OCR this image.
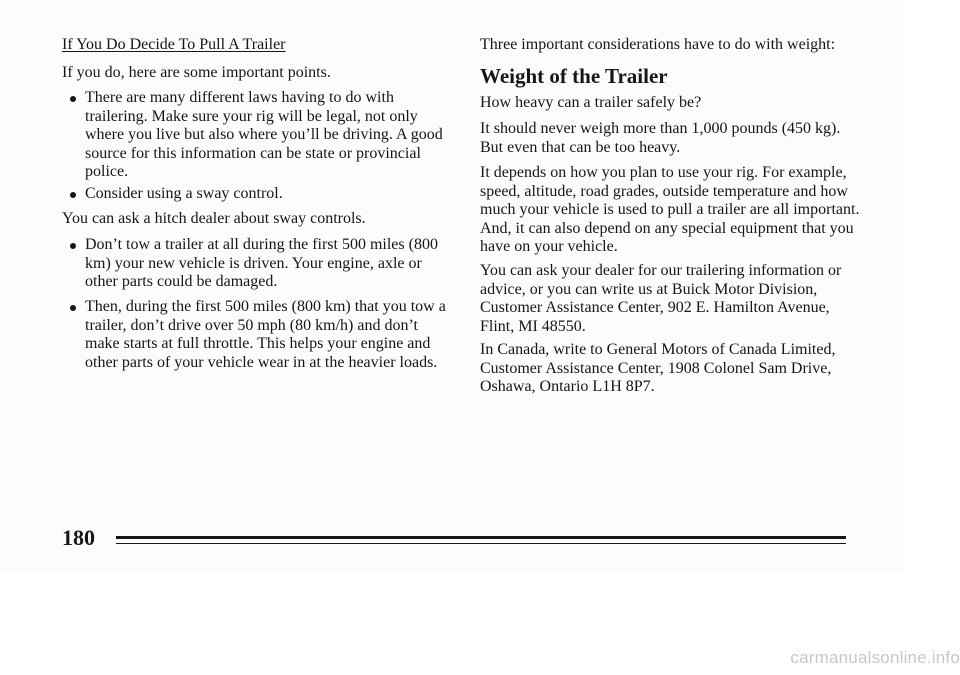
If You Do Decide To Pull A Trailer

If you do, here are some important points.

There are many different laws having to do with trailering. Make sure your rig will be legal, not only where you live but also where you’ll be driving. A good source for this information can be state or provincial police.

Consider using a sway control.

You can ask a hitch dealer about sway controls.

Don’t tow a trailer at all during the first 500 miles (800 km) your new vehicle is driven. Your engine, axle or other parts could be damaged.

Then, during the first 500 miles (800 km) that you tow a trailer, don’t drive over 50 mph (80 km/h) and don’t make starts at full throttle. This helps your engine and other parts of your vehicle wear in at the heavier loads.

Three important considerations have to do with weight:

Weight of the Trailer

How heavy can a trailer safely be?

It should never weigh more than 1,000 pounds (450 kg). But even that can be too heavy.

It depends on how you plan to use your rig. For example, speed, altitude, road grades, outside temperature and how much your vehicle is used to pull a trailer are all important. And, it can also depend on any special equipment that you have on your vehicle.

You can ask your dealer for our trailering information or advice, or you can write us at Buick Motor Division, Customer Assistance Center, 902 E. Hamilton Avenue, Flint, MI 48550.

In Canada, write to General Motors of Canada Limited, Customer Assistance Center, 1908 Colonel Sam Drive, Oshawa, Ontario L1H 8P7.

180
carmanualsonline.info
